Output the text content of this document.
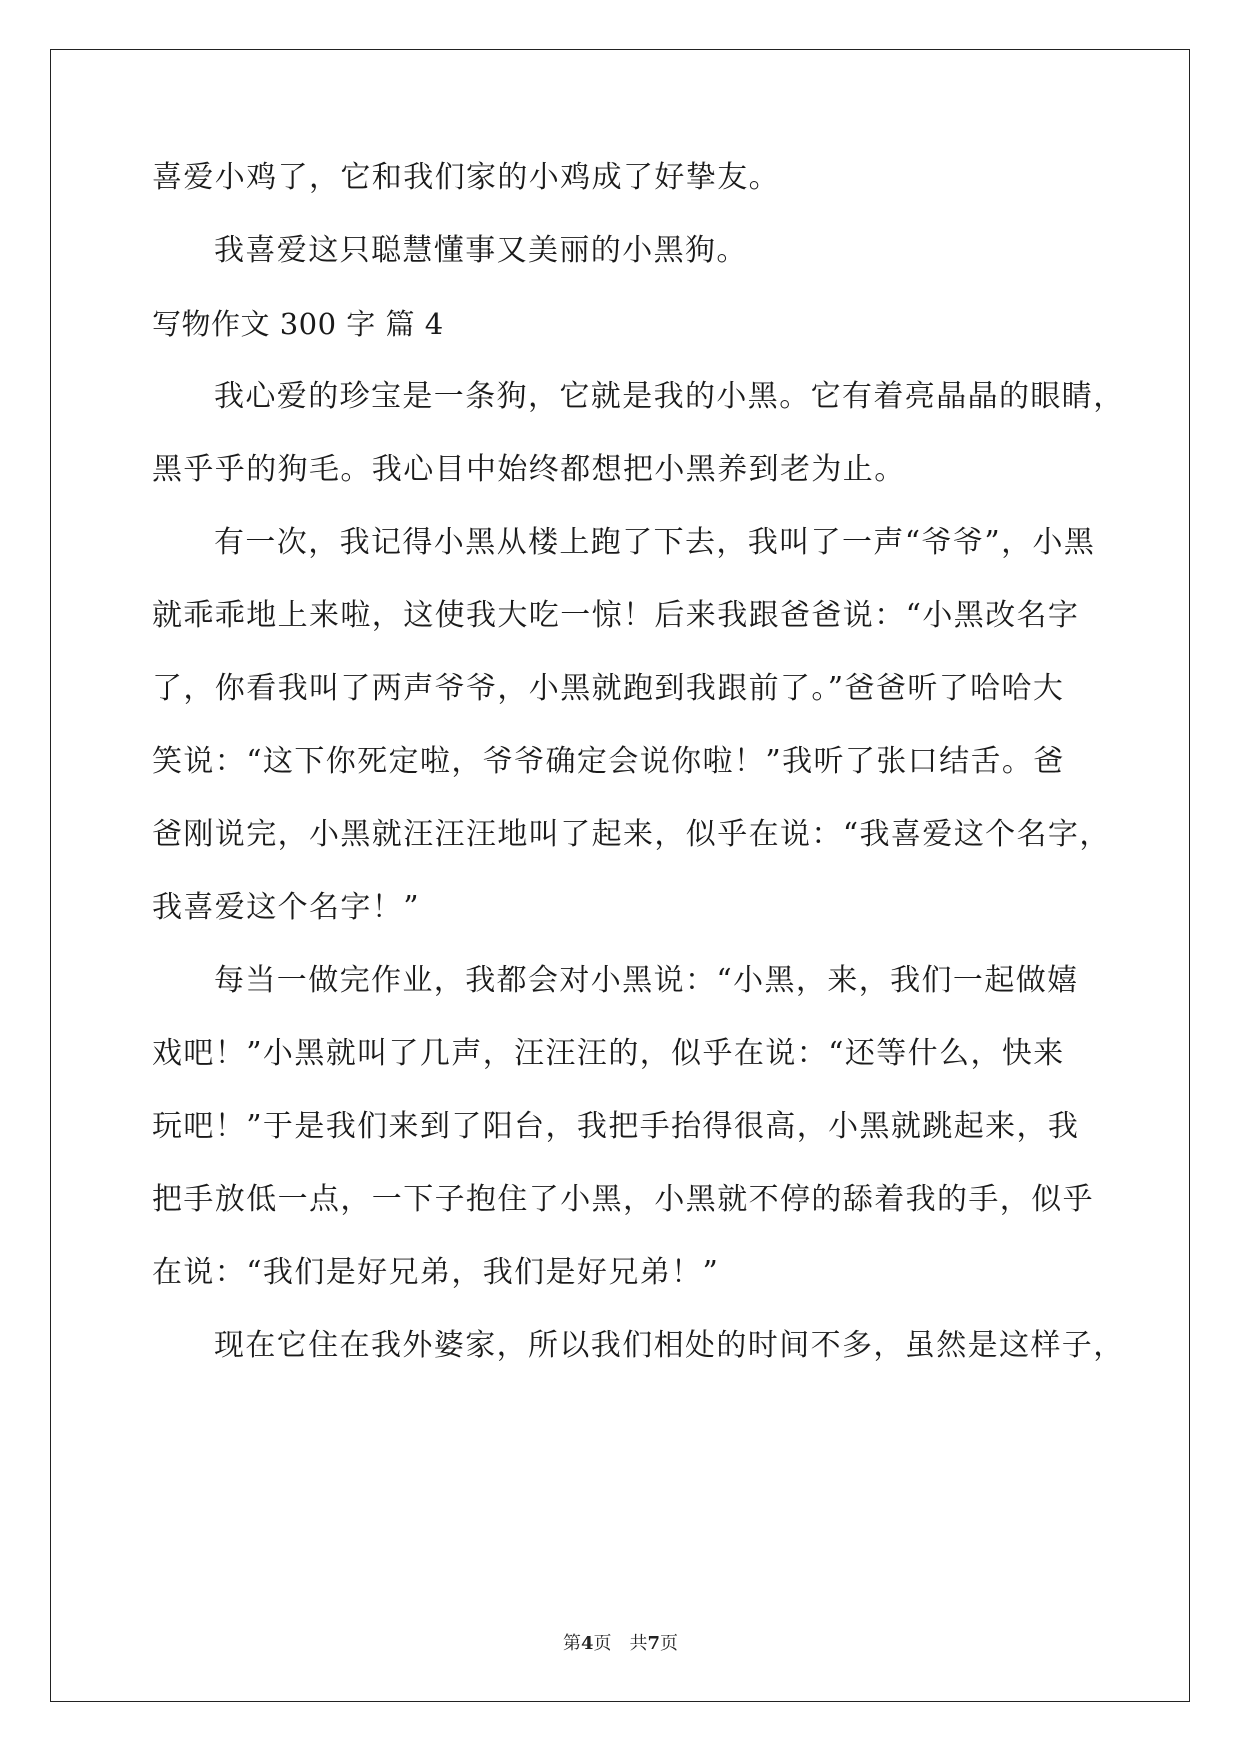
喜爱小鸡了，它和我们家的小鸡成了好挚友。
我喜爱这只聪慧懂事又美丽的小黑狗。
写物作文 300 字 篇 4
我心爱的珍宝是一条狗，它就是我的小黑。它有着亮晶晶的眼睛，
黑乎乎的狗毛。我心目中始终都想把小黑养到老为止。
有一次，我记得小黑从楼上跑了下去，我叫了一声“爷爷”，小黑
就乖乖地上来啦，这使我大吃一惊！后来我跟爸爸说：“小黑改名字
了，你看我叫了两声爷爷，小黑就跑到我跟前了。”爸爸听了哈哈大
笑说：“这下你死定啦，爷爷确定会说你啦！”我听了张口结舌。爸
爸刚说完，小黑就汪汪汪地叫了起来，似乎在说：“我喜爱这个名字，
我喜爱这个名字！”
每当一做完作业，我都会对小黑说：“小黑，来，我们一起做嬉
戏吧！”小黑就叫了几声，汪汪汪的，似乎在说：“还等什么，快来
玩吧！”于是我们来到了阳台，我把手抬得很高，小黑就跳起来，我
把手放低一点，一下子抱住了小黑，小黑就不停的舔着我的手，似乎
在说：“我们是好兄弟，我们是好兄弟！”
现在它住在我外婆家，所以我们相处的时间不多，虽然是这样子，
第4页 共7页
